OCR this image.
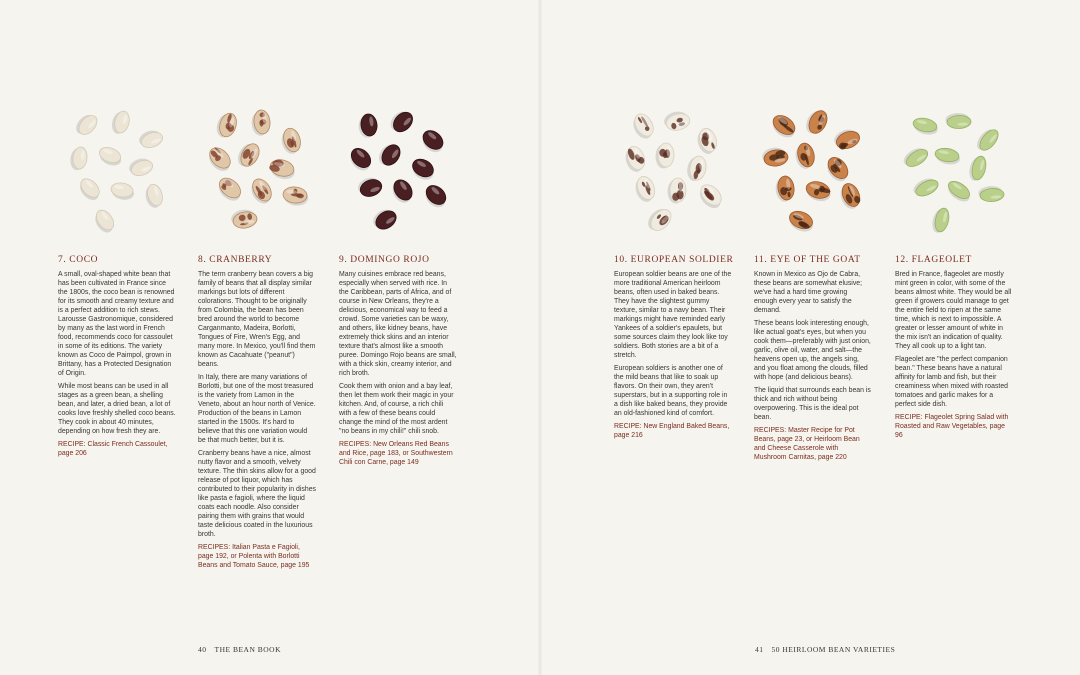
40 THE BEAN BOOK	41 50 HEIRLOOM BEAN VARIETIES
7. COCO

A small, oval-shaped white bean that has been cultivated in France since the 1800s, the coco bean is renowned for its smooth and creamy texture and is a perfect addition to rich stews. Larousse Gastronomique, considered by many as the last word in French food, recommends coco for cassoulet in some of its editions. The variety known as Coco de Paimpol, grown in Brittany, has a Protected Designation of Origin.

While most beans can be used in all stages as a green bean, a shelling bean, and later, a dried bean, a lot of cooks love freshly shelled coco beans. They cook in about 40 minutes, depending on how fresh they are.

RECIPE: Classic French Cassoulet, page 206

8. CRANBERRY

The term cranberry bean covers a big family of beans that all display similar markings but lots of different colorations. Thought to be originally from Colombia, the bean has been bred around the world to become Carganmanto, Madeira, Borlotti, Tongues of Fire, Wren's Egg, and many more. In Mexico, you'll find them known as Cacahuate ("peanut") beans.

In Italy, there are many variations of Borlotti, but one of the most treasured is the variety from Lamon in the Veneto, about an hour north of Venice. Production of the beans in Lamon started in the 1500s. It's hard to believe that this one variation would be that much better, but it is.

Cranberry beans have a nice, almost nutty flavor and a smooth, velvety texture. The thin skins allow for a good release of pot liquor, which has contributed to their popularity in dishes like pasta e fagioli, where the liquid coats each noodle. Also consider pairing them with grains that would taste delicious coated in the luxurious broth.

RECIPES: Italian Pasta e Fagioli, page 192, or Polenta with Borlotti Beans and Tomato Sauce, page 195

9. DOMINGO ROJO

Many cuisines embrace red beans, especially when served with rice. In the Caribbean, parts of Africa, and of course in New Orleans, they're a delicious, economical way to feed a crowd. Some varieties can be waxy, and others, like kidney beans, have extremely thick skins and an interior texture that's almost like a smooth puree. Domingo Rojo beans are small, with a thick skin, creamy interior, and rich broth.

Cook them with onion and a bay leaf, then let them work their magic in your kitchen. And, of course, a rich chili with a few of these beans could change the mind of the most ardent "no beans in my chili!" chili snob.

RECIPES: New Orleans Red Beans and Rice, page 183, or Southwestern Chili con Carne, page 149

10. EUROPEAN SOLDIER

European soldier beans are one of the more traditional American heirloom beans, often used in baked beans. They have the slightest gummy texture, similar to a navy bean. Their markings might have reminded early Yankees of a soldier's epaulets, but some sources claim they look like toy soldiers. Both stories are a bit of a stretch.

European soldiers is another one of the mild beans that like to soak up flavors. On their own, they aren't superstars, but in a supporting role in a dish like baked beans, they provide an old-fashioned kind of comfort.

RECIPE: New England Baked Beans, page 216

11. EYE OF THE GOAT

Known in Mexico as Ojo de Cabra, these beans are somewhat elusive; we've had a hard time growing enough every year to satisfy the demand.

These beans look interesting enough, like actual goat's eyes, but when you cook them—preferably with just onion, garlic, olive oil, water, and salt—the heavens open up, the angels sing, and you float among the clouds, filled with hope (and delicious beans).

The liquid that surrounds each bean is thick and rich without being overpowering. This is the ideal pot bean.

RECIPES: Master Recipe for Pot Beans, page 23, or Heirloom Bean and Cheese Casserole with Mushroom Carnitas, page 220

12. FLAGEOLET

Bred in France, flageolet are mostly mint green in color, with some of the beans almost white. They would be all green if growers could manage to get the entire field to ripen at the same time, which is next to impossible. A greater or lesser amount of white in the mix isn't an indication of quality. They all cook up to a light tan.

Flageolet are "the perfect companion bean." These beans have a natural affinity for lamb and fish, but their creaminess when mixed with roasted tomatoes and garlic makes for a perfect side dish.

RECIPE: Flageolet Spring Salad with Roasted and Raw Vegetables, page 96
